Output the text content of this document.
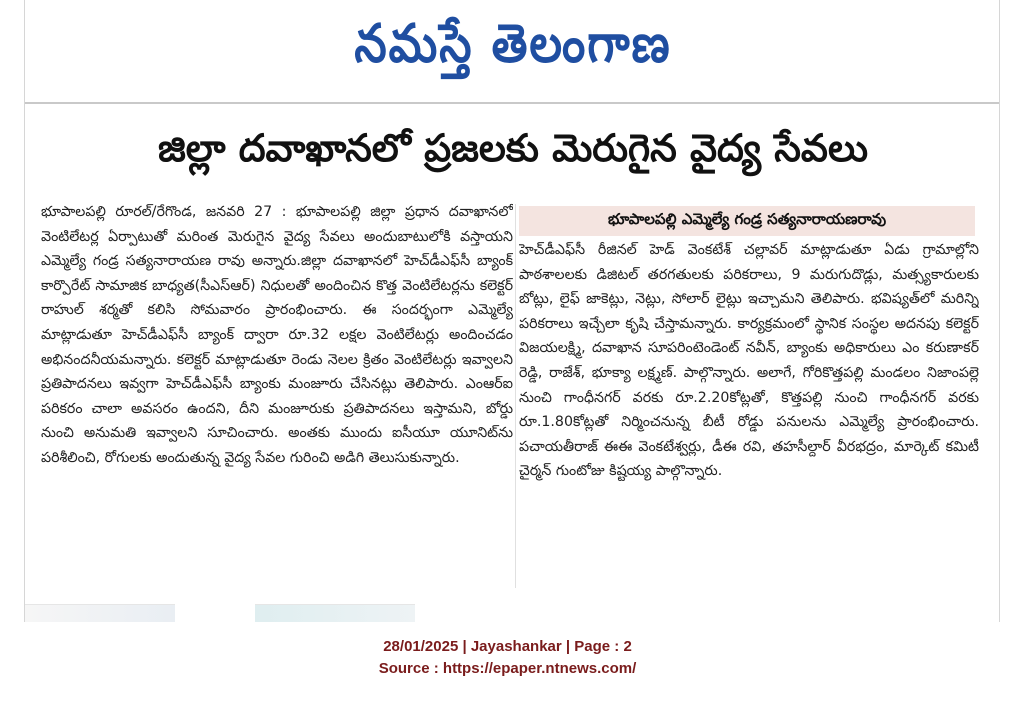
నమస్తే తెలంగాణ
జిల్లా దవాఖానలో ప్రజలకు మెరుగైన వైద్య సేవలు
భూపాలపల్లి రూరల్/రేగొండ, జనవరి 27 : భూపాలపల్లి జిల్లా ప్రధాన దవాఖానలో వెంటిలేటర్ల ఏర్పాటుతో మరింత మెరుగైన వైద్య సేవలు అందుబాటులోకి వస్తాయని ఎమ్మెల్యే గండ్ర సత్యనారాయణ రావు అన్నారు.జిల్లా దవాఖానలో హెచ్‌డీఎఫ్‌సీ బ్యాంక్ కార్పొరేట్ సామాజిక బాధ్యత(సీఎస్ఆర్) నిధులతో అందించిన కొత్త వెంటిలేటర్లను కలెక్టర్ రాహుల్ శర్మతో కలిసి సోమవారం ప్రారంభించారు. ఈ సందర్భంగా ఎమ్మెల్యే మాట్లాడుతూ హెచ్‌డీఎఫ్‌సీ బ్యాంక్ ద్వారా రూ.32 లక్షల వెంటిలేటర్లు అందించడం అభినందనీయమన్నారు. కలెక్టర్ మాట్లాడుతూ రెండు నెలల క్రితం వెంటిలేటర్లు ఇవ్వాలని ప్రతిపాదనలు ఇవ్వగా హెచ్‌డీఎఫ్‌సీ బ్యాంకు మంజూరు చేసినట్లు తెలిపారు. ఎంఆర్ఐ పరికరం చాలా అవసరం ఉందని, దీని మంజూరుకు ప్రతిపాదనలు ఇస్తామని, బోర్డు నుంచి అనుమతి ఇవ్వాలని సూచించారు. అంతకు ముందు ఐసీయూ యూనిట్‌ను పరిశీలించి, రోగులకు అందుతున్న వైద్య సేవల గురించి అడిగి తెలుసుకున్నారు.
భూపాలపల్లి ఎమ్మెల్యే గండ్ర సత్యనారాయణరావు
హెచ్‌డీఎఫ్‌సీ రీజినల్ హెడ్ వెంకటేశ్ చల్లావర్ మాట్లాడుతూ ఏడు గ్రామాల్లోని పాఠశాలలకు డిజిటల్ తరగతులకు పరికరాలు, 9 మరుగుదొడ్లు, మత్స్యకారులకు బోట్లు, లైఫ్ జాకెట్లు, నెట్లు, సోలార్ లైట్లు ఇచ్చామని తెలిపారు. భవిష్యత్‌లో మరిన్ని పరికరాలు ఇచ్చేలా కృషి చేస్తామన్నారు. కార్యక్రమంలో స్థానిక సంస్థల అదనపు కలెక్టర్ విజయలక్ష్మి, దవాఖాన సూపరింటెండెంట్ నవీన్, బ్యాంకు అధికారులు ఎం కరుణాకర్ రెడ్డి, రాజేశ్, భూక్యా లక్ష్మణ్. పాల్గొన్నారు. అలాగే, గోరికొత్తపల్లి మండలం నిజాంపల్లె నుంచి గాంధీనగర్ వరకు రూ.2.20కోట్లతో, కొత్తపల్లి నుంచి గాంధీనగర్ వరకు రూ.1.80కోట్లతో నిర్మించనున్న బీటీ రోడ్డు పనులను ఎమ్మెల్యే ప్రారంభించారు. పచాయతీరాజ్ ఈఈ వెంకటేశ్వర్లు, డీఈ రవి, తహసీల్దార్ వీరభద్రం, మార్కెట్ కమిటీ చైర్మన్ గుంటోజు కిష్టయ్య పాల్గొన్నారు.
28/01/2025 | Jayashankar | Page : 2
Source : https://epaper.ntnews.com/
